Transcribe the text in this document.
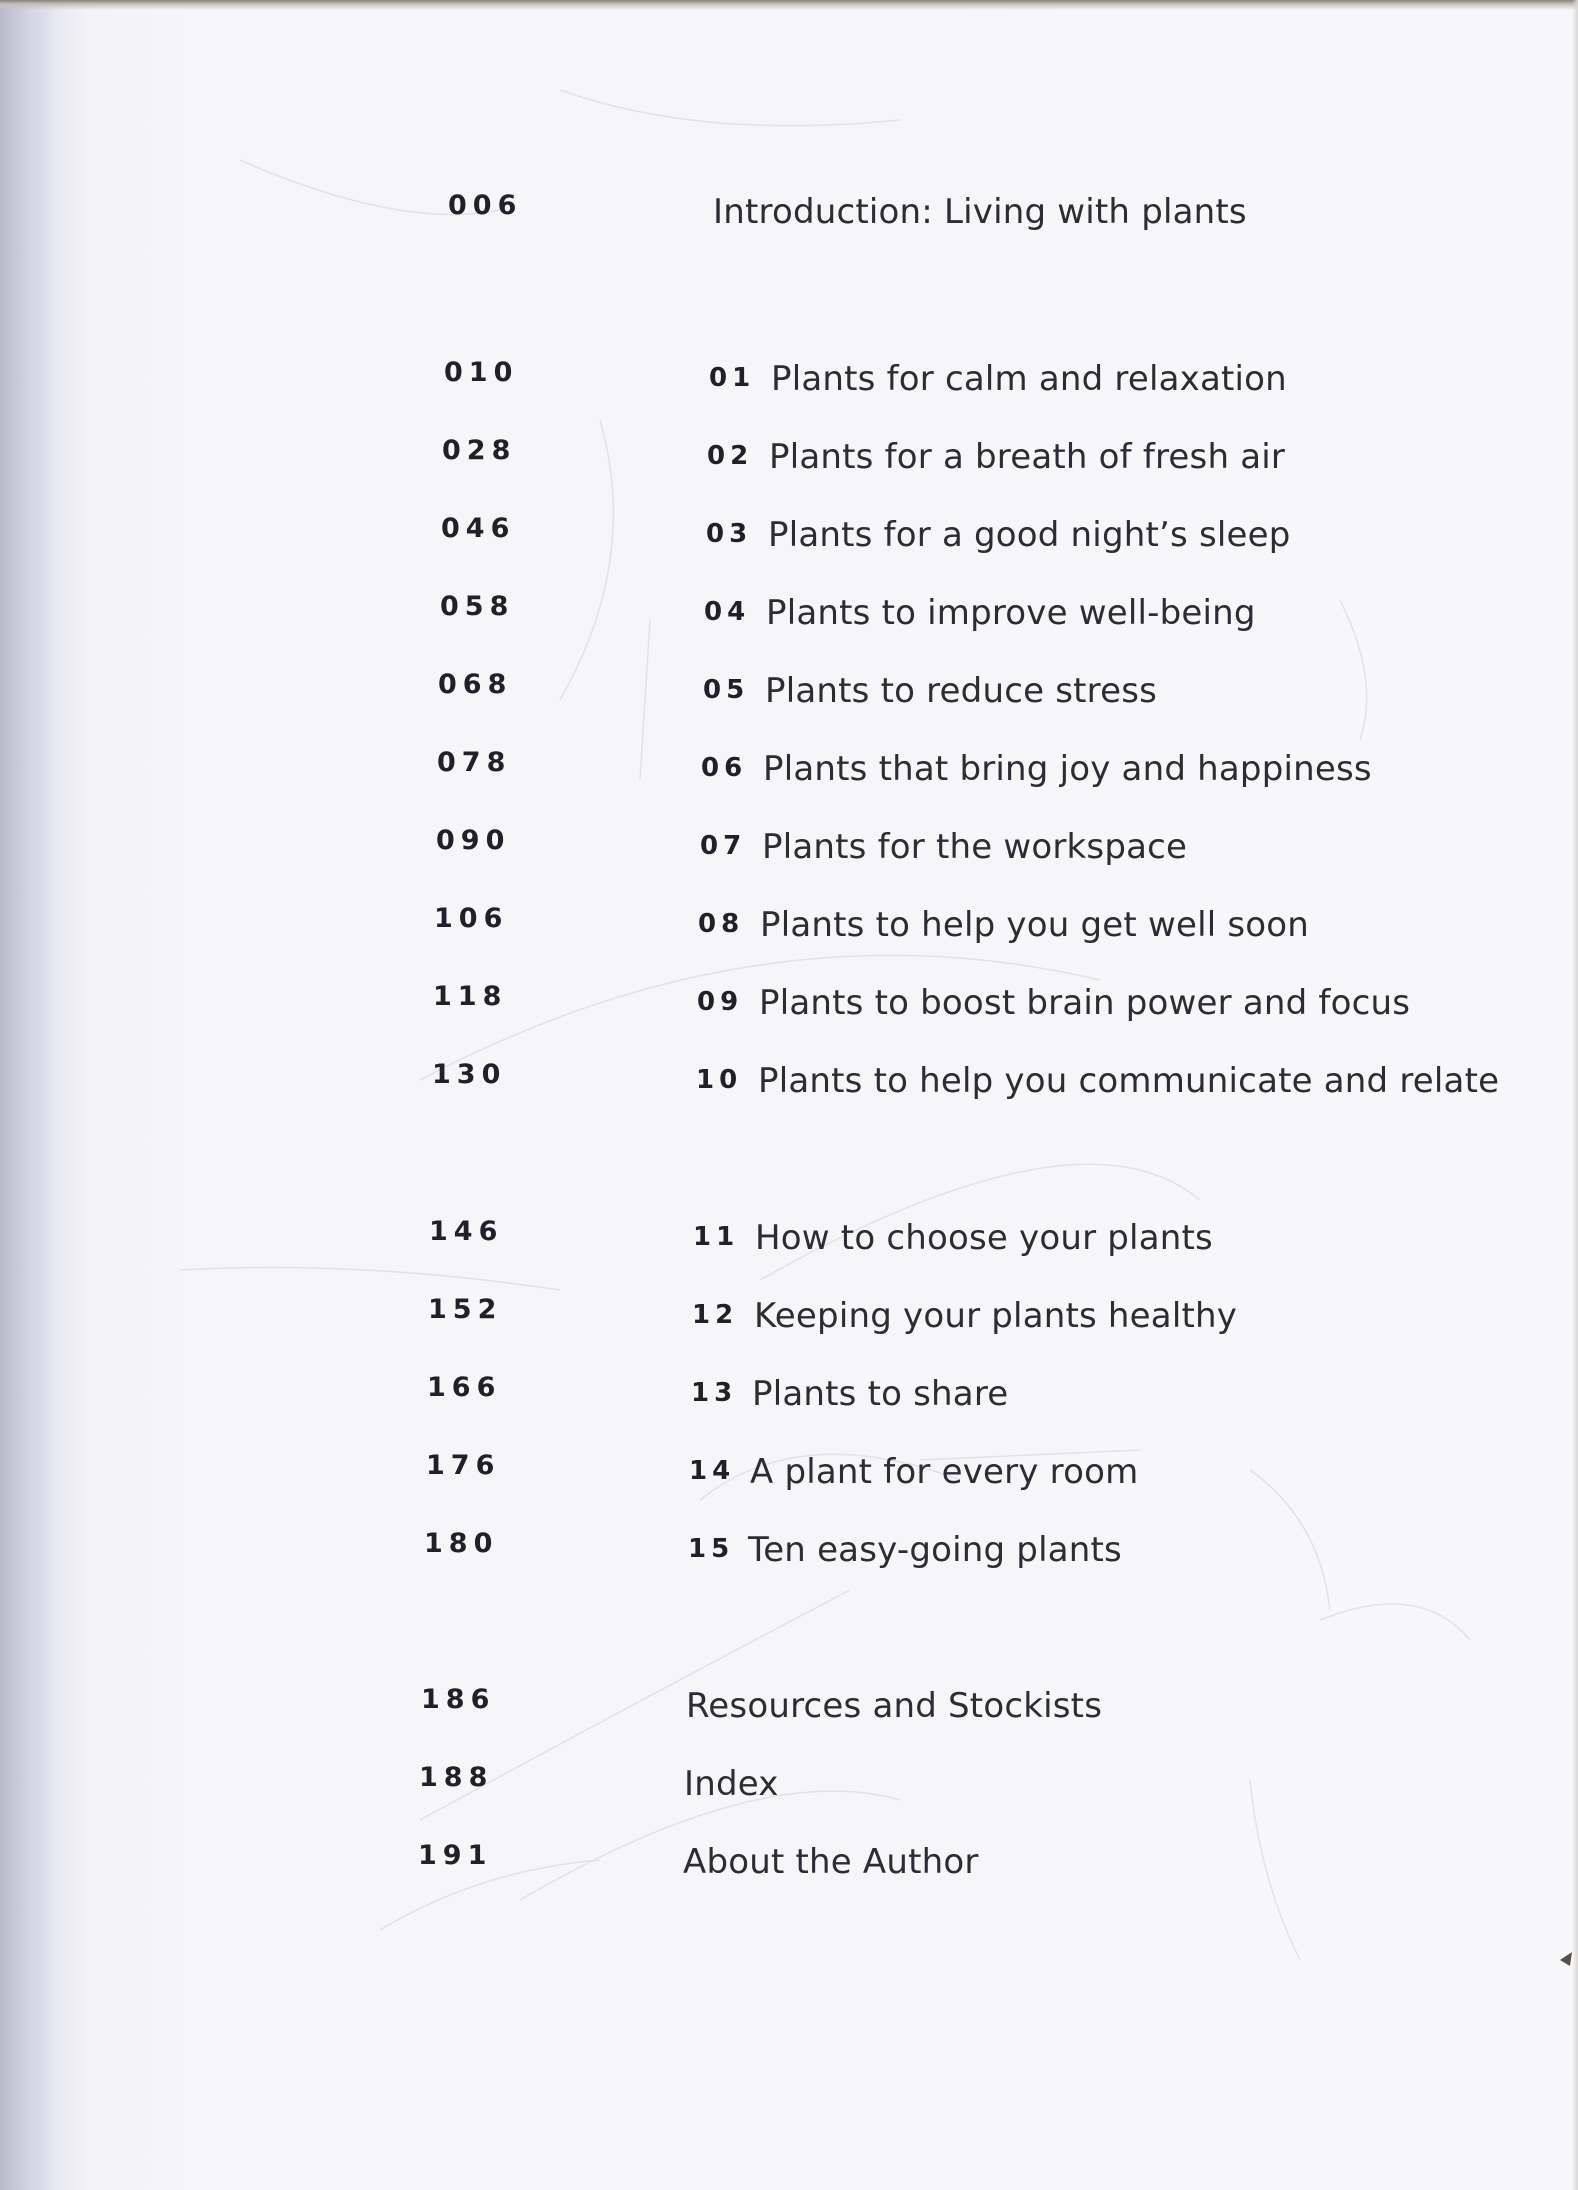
006	Introduction: Living with plants
010	01 Plants for calm and relaxation
028	02 Plants for a breath of fresh air
046	03 Plants for a good night’s sleep
058	04 Plants to improve well-being
068	05 Plants to reduce stress
078	06 Plants that bring joy and happiness
090	07 Plants for the workspace
106	08 Plants to help you get well soon
118	09 Plants to boost brain power and focus
130	10 Plants to help you communicate and relate
146	11 How to choose your plants
152	12 Keeping your plants healthy
166	13 Plants to share
176	14 A plant for every room
180	15 Ten easy-going plants
186	Resources and Stockists
188	Index
191	About the Author
